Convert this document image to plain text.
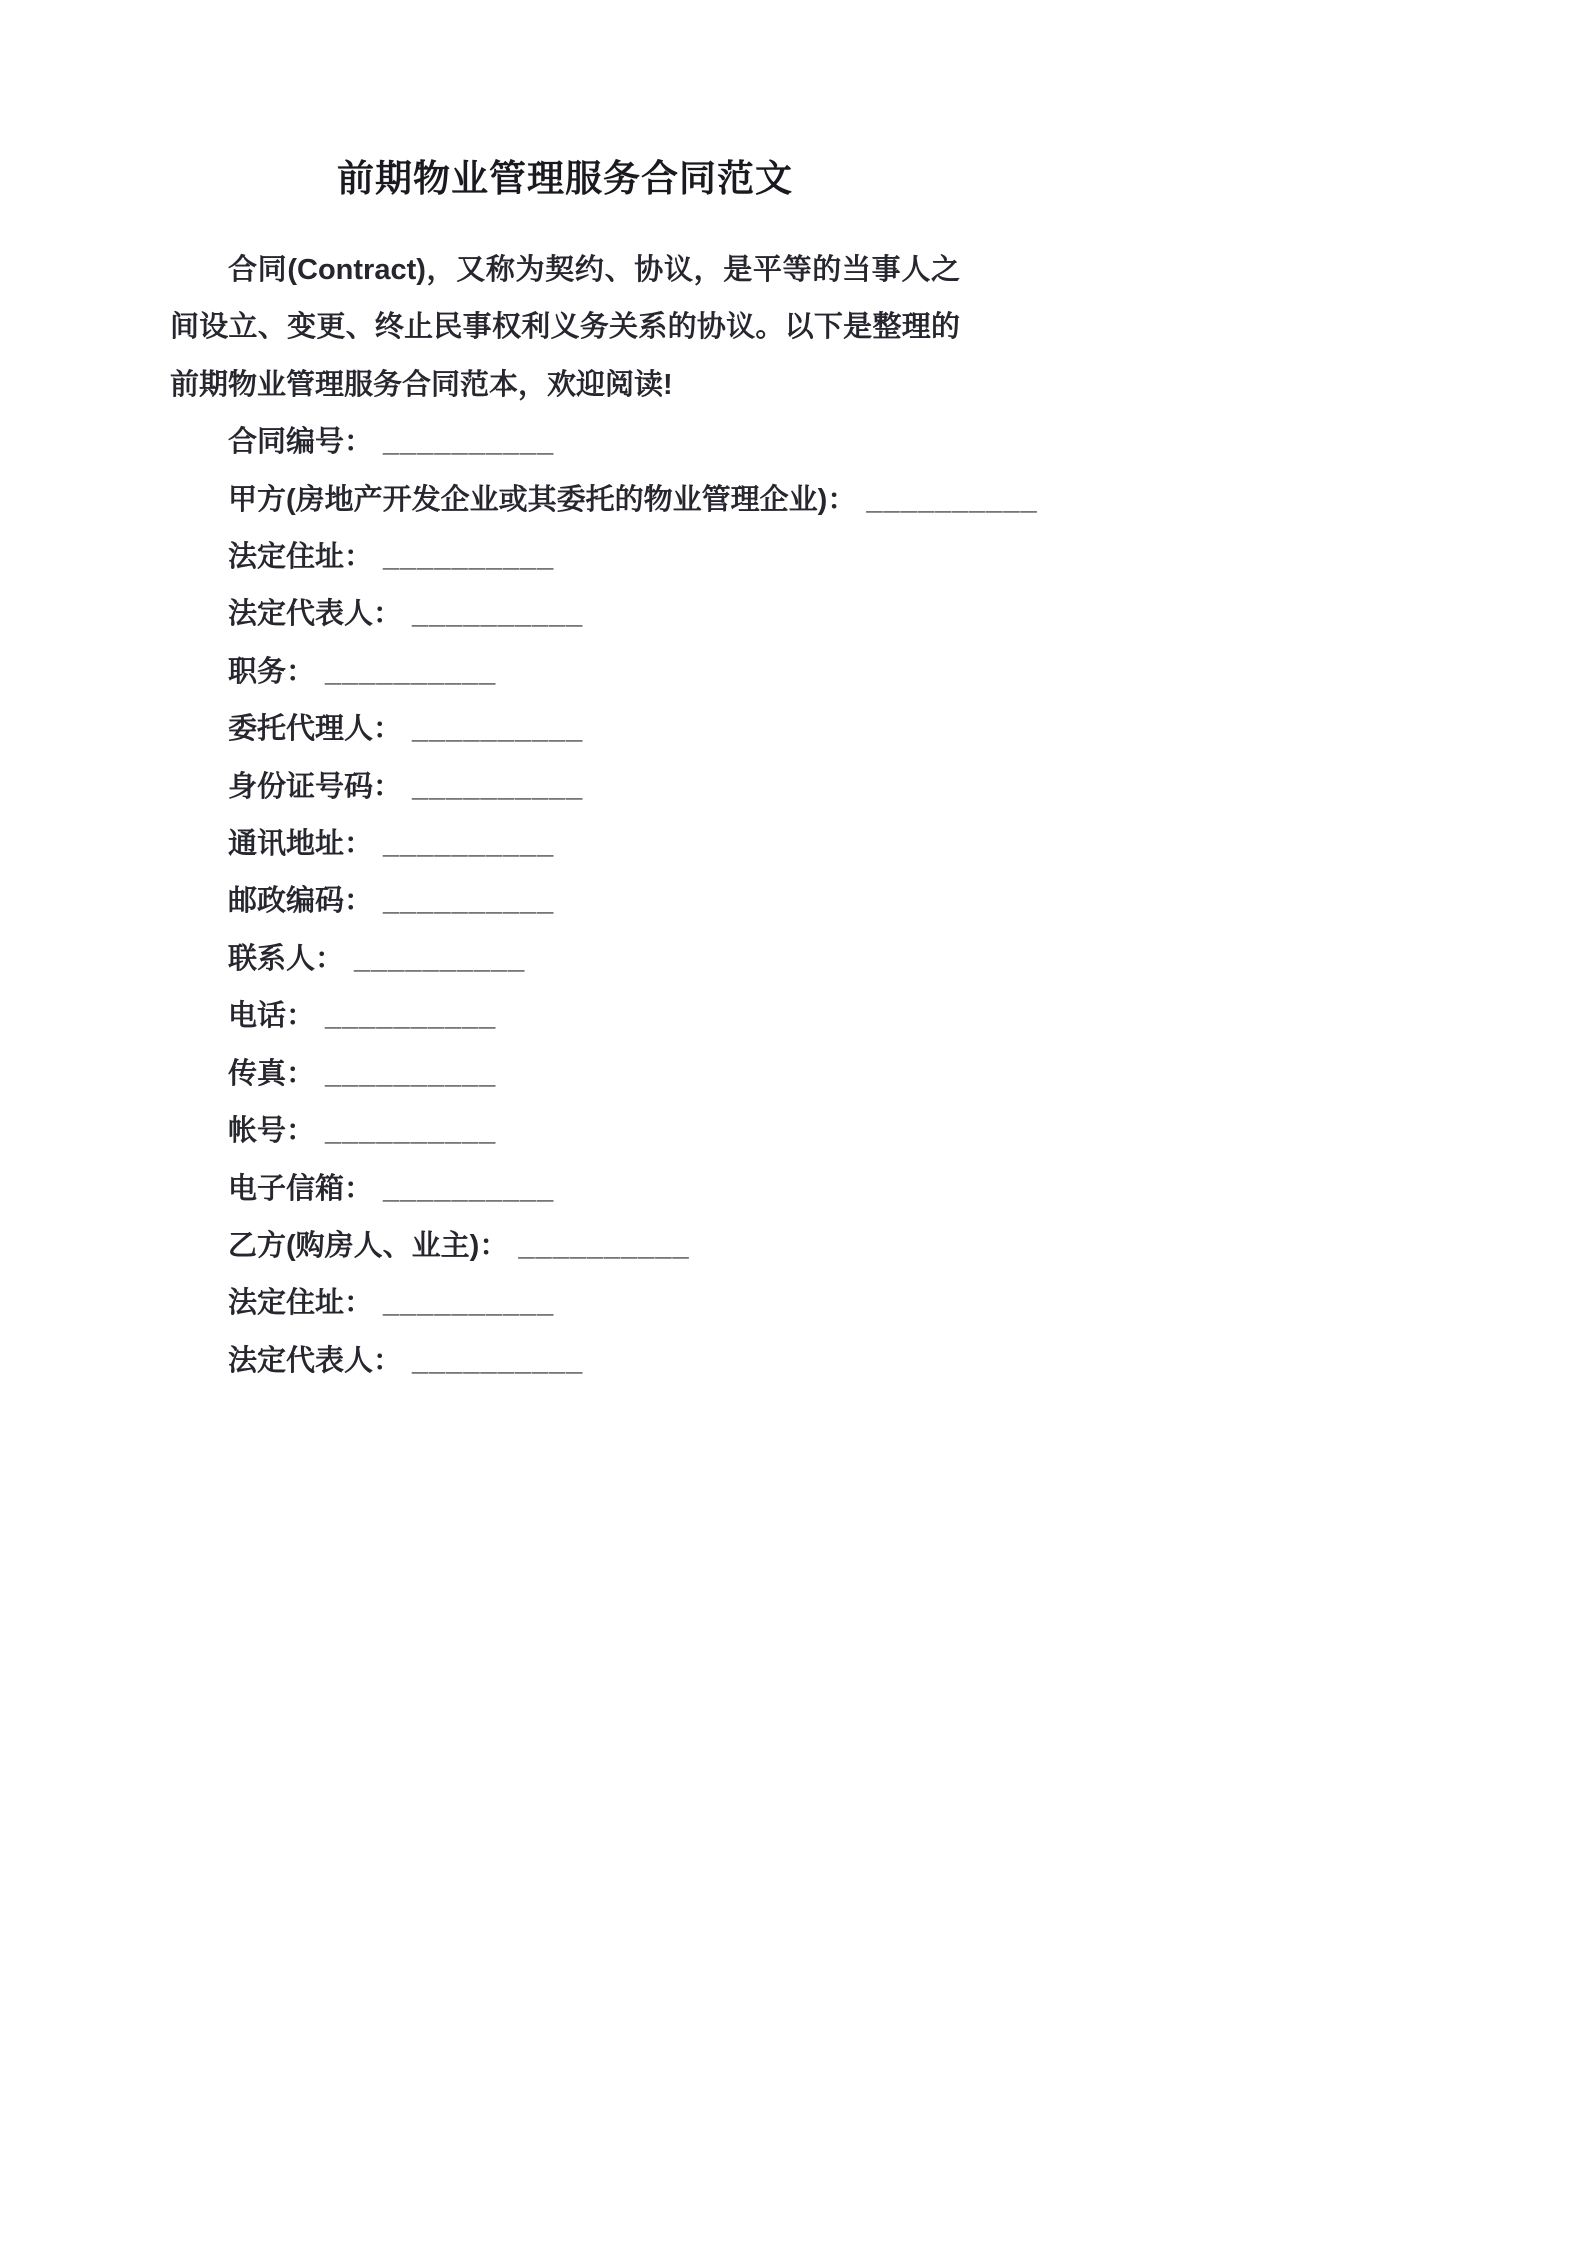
前期物业管理服务合同范文

合同(Contract)，又称为契约、协议，是平等的当事人之间设立、变更、终止民事权利义务关系的协议。以下是整理的前期物业管理服务合同范本，欢迎阅读!

合同编号： __________

甲方(房地产开发企业或其委托的物业管理企业)： __________

法定住址： __________

法定代表人： __________

职务： __________

委托代理人： __________

身份证号码： __________

通讯地址： __________

邮政编码： __________

联系人： __________

电话： __________

传真： __________

帐号： __________

电子信箱： __________

乙方(购房人、业主)： __________

法定住址： __________

法定代表人： __________
